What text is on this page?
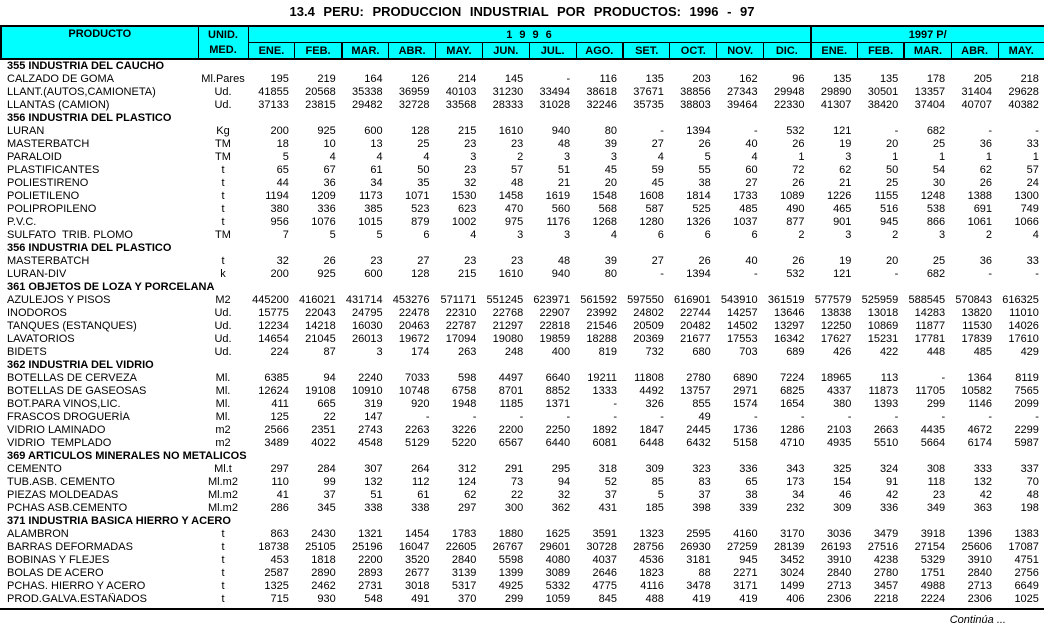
13.4 PERU: PRODUCCION INDUSTRIAL POR PRODUCTOS: 1996 - 97
PRODUCTO	UNID.
MED.	1996												1997 P/				
		ENE.	FEB.	MAR.	ABR.	MAY.	JUN.	JUL.	AGO.	SET.	OCT.	NOV.	DIC.	ENE.	FEB.	MAR.	ABR.	MAY.
355 INDUSTRIA DEL CAUCHO																		
CALZADO DE GOMA	Ml.Pares	195	219	164	126	214	145	-	116	135	203	162	96	135	135	178	205	218
LLANT.(AUTOS,CAMIONETA)	Ud.	41855	20568	35338	36959	40103	31230	33494	38618	37671	38856	27343	29948	29890	30501	13357	31404	29628
LLANTAS (CAMION)	Ud.	37133	23815	29482	32728	33568	28333	31028	32246	35735	38803	39464	22330	41307	38420	37404	40707	40382
356 INDUSTRIA DEL PLASTICO																		
LURAN	Kg	200	925	600	128	215	1610	940	80	-	1394	-	532	121	-	682	-	-
MASTERBATCH	TM	18	10	13	25	23	23	48	39	27	26	40	26	19	20	25	36	33
PARALOID	TM	5	4	4	4	3	2	3	3	4	5	4	1	3	1	1	1	1
PLASTIFICANTES	t	65	67	61	50	23	57	51	45	59	55	60	72	62	50	54	62	57
POLIESTIRENO	t	44	36	34	35	32	48	21	20	45	38	27	26	21	25	30	26	24
POLIETILENO	t	1194	1209	1173	1071	1530	1458	1619	1548	1608	1814	1733	1089	1226	1155	1248	1388	1300
POLIPROPILENO	t	380	336	385	523	623	470	560	568	587	525	485	490	465	516	538	691	749
P.V.C.	t	956	1076	1015	879	1002	975	1176	1268	1280	1326	1037	877	901	945	866	1061	1066
SULFATO  TRIB. PLOMO	TM	7	5	5	6	4	3	3	4	6	6	6	2	3	2	3	2	4
356 INDUSTRIA DEL PLASTICO																		
MASTERBATCH	t	32	26	23	27	23	23	48	39	27	26	40	26	19	20	25	36	33
LURAN-DIV	k	200	925	600	128	215	1610	940	80	-	1394	-	532	121	-	682	-	-
361 OBJETOS DE LOZA Y PORCELANA																		
AZULEJOS Y PISOS	M2	445200	416021	431714	453276	571171	551245	623971	561592	597550	616901	543910	361519	577579	525959	588545	570843	616325
INODOROS	Ud.	15775	22043	24795	22478	22310	22768	22907	23992	24802	22744	14257	13646	13838	13018	14283	13820	11010
TANQUES (ESTANQUES)	Ud.	12234	14218	16030	20463	22787	21297	22818	21546	20509	20482	14502	13297	12250	10869	11877	11530	14026
LAVATORIOS	Ud.	14654	21045	26013	19672	17094	19080	19859	18288	20369	21677	17553	16342	17627	15231	17781	17839	17610
BIDETS	Ud.	224	87	3	174	263	248	400	819	732	680	703	689	426	422	448	485	429
362 INDUSTRIA DEL VIDRIO																		
BOTELLAS DE CERVEZA	Ml.	6385	94	2240	7033	598	4497	6640	19211	11808	2780	6890	7224	18965	113	-	1364	8119
BOTELLAS DE GASEOSAS	Ml.	12624	19108	10910	10748	6758	8701	8852	1333	4492	13757	2971	6825	4337	11873	11705	10582	7565
BOT.PARA VINOS,LIC.	Ml.	411	665	319	920	1948	1185	1371	-	326	855	1574	1654	380	1393	299	1146	2099
FRASCOS DROGUERÍA	Ml.	125	22	147	-	-	-	-	-	-	49	-	-	-	-	-	-	-
VIDRIO LAMINADO	m2	2566	2351	2743	2263	3226	2200	2250	1892	1847	2445	1736	1286	2103	2663	4435	4672	2299
VIDRIO  TEMPLADO	m2	3489	4022	4548	5129	5220	6567	6440	6081	6448	6432	5158	4710	4935	5510	5664	6174	5987
369 ARTICULOS MINERALES NO METALICOS																		
CEMENTO	Ml.t	297	284	307	264	312	291	295	318	309	323	336	343	325	324	308	333	337
TUB.ASB. CEMENTO	Ml.m2	110	99	132	112	124	73	94	52	85	83	65	173	154	91	118	132	70
PIEZAS MOLDEADAS	Ml.m2	41	37	51	61	62	22	32	37	5	37	38	34	46	42	23	42	48
PCHAS ASB.CEMENTO	Ml.m2	286	345	338	338	297	300	362	431	185	398	339	232	309	336	349	363	198
371 INDUSTRIA BASICA HIERRO Y ACERO																		
ALAMBRON	t	863	2430	1321	1454	1783	1880	1625	3591	1323	2595	4160	3170	3036	3479	3918	1396	1383
BARRAS DEFORMADAS	t	18738	25105	25196	16047	22605	26767	29601	30728	28756	26930	27259	28139	26193	27516	27154	25606	17087
BOBINAS Y FLEJES	t	453	1818	2200	3520	2840	5598	4080	4037	4536	3181	945	3452	3910	4238	5329	3910	4751
BOLAS DE ACERO	t	2587	2890	2893	2677	3139	1399	3089	2646	1823	88	2271	3024	2840	2780	1751	2840	2756
PCHAS. HIERRO Y ACERO	t	1325	2462	2731	3018	5317	4925	5332	4775	4116	3478	3171	1499	2713	3457	4988	2713	6649
PROD.GALVA.ESTAÑADOS	t	715	930	548	491	370	299	1059	845	488	419	419	406	2306	2218	2224	2306	1025
Continúa ...
